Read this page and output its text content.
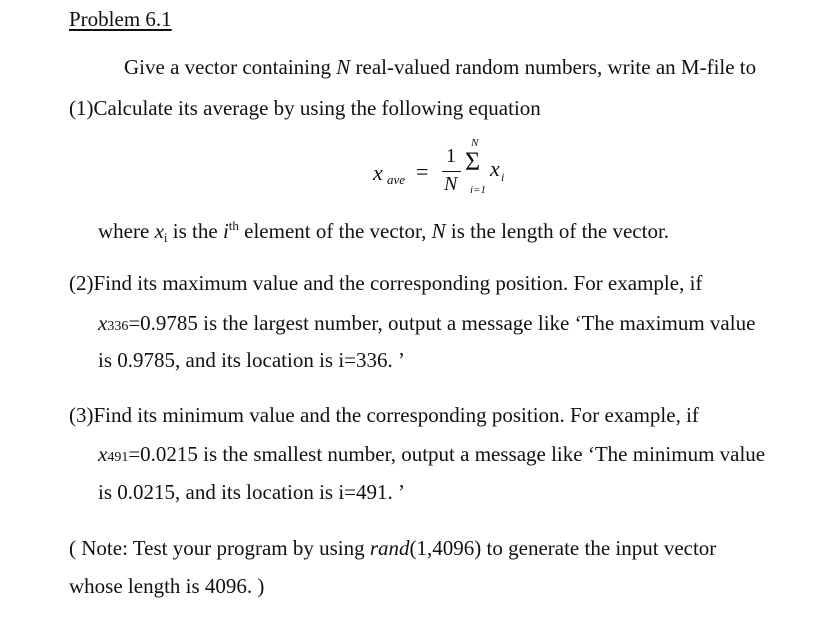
Problem 6.1
Give a vector containing N real-valued random numbers, write an M-file to
(1)Calculate its average by using the following equation
x ave =
1
N
N
Σ
i=1
x i
where xi is the $i^{th}$ element of the vector, N is the length of the vector.
(2)Find its maximum value and the corresponding position. For example, if
x336=0.9785 is the largest number, output a message like ‘The maximum value
is 0.9785, and its location is i=336. ’
(3)Find its minimum value and the corresponding position. For example, if
x491=0.0215 is the smallest number, output a message like ‘The minimum value
is 0.0215, and its location is i=491. ’
( Note: Test your program by using rand(1,4096) to generate the input vector
whose length is 4096. )
